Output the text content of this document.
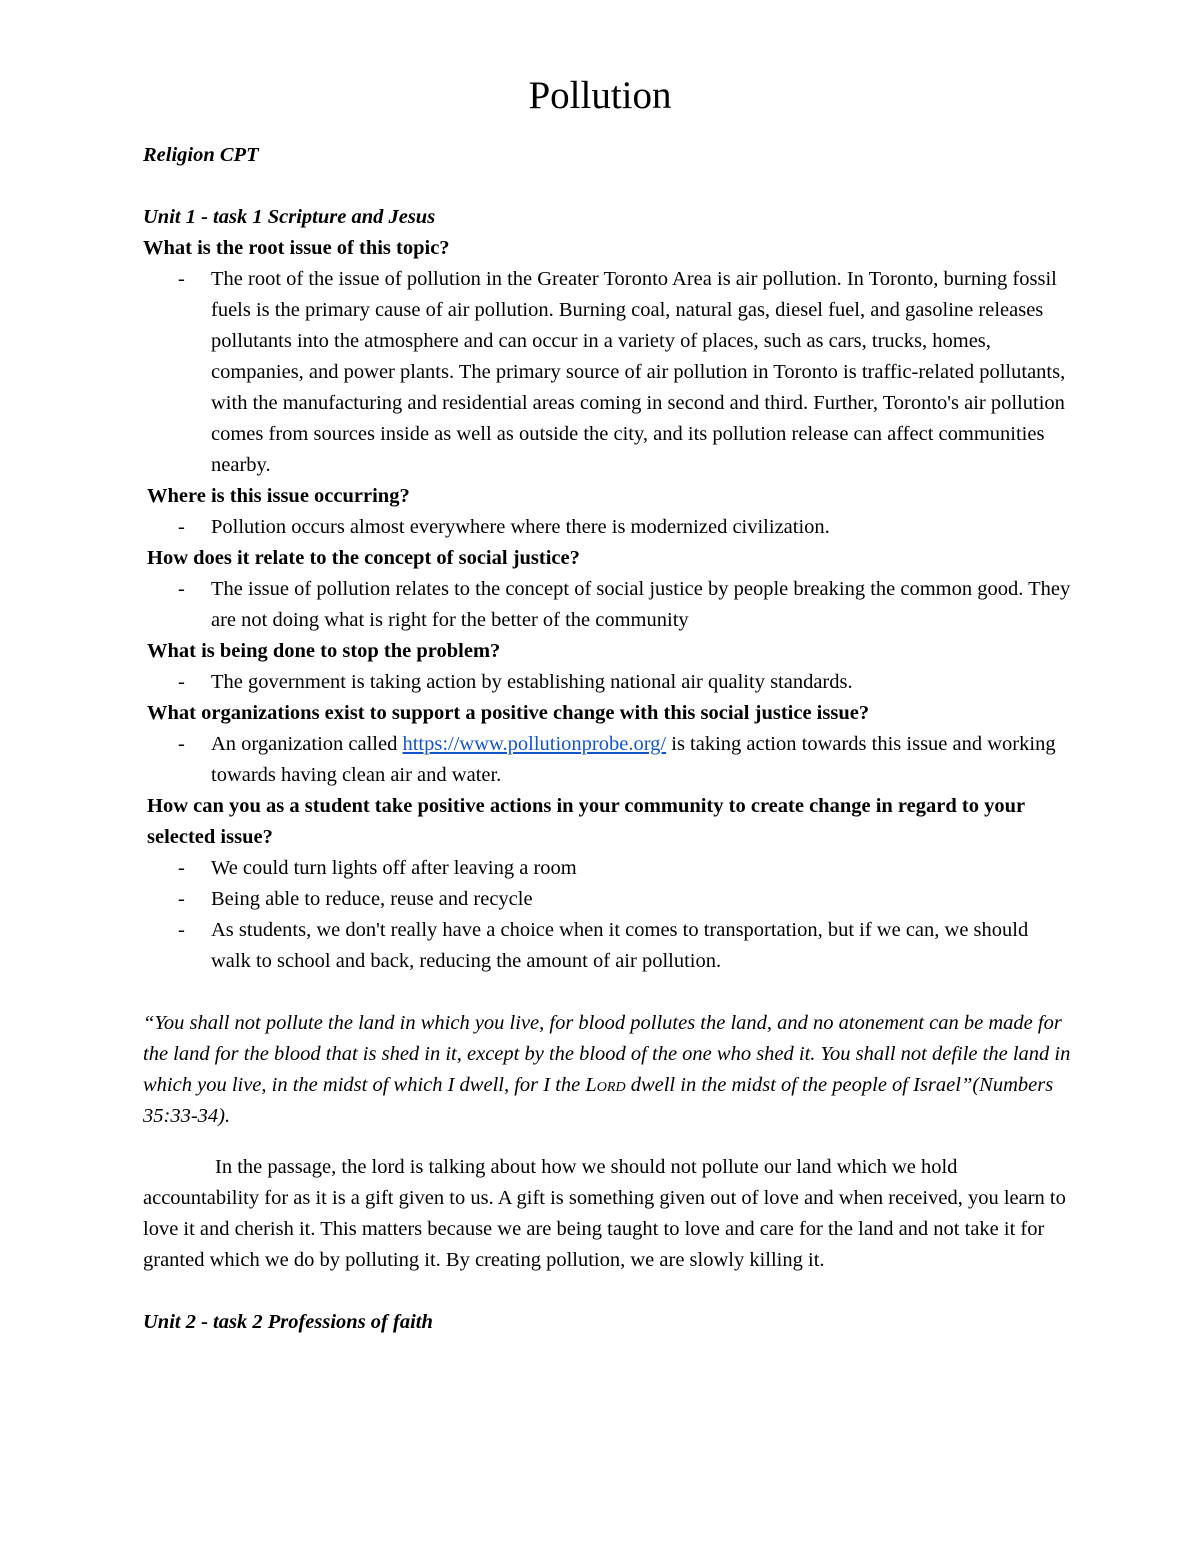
Pollution

Religion CPT

Unit 1 - task 1 Scripture and Jesus

What is the root issue of this topic?

- The root of the issue of pollution in the Greater Toronto Area is air pollution. In Toronto, burning fossil fuels is the primary cause of air pollution. Burning coal, natural gas, diesel fuel, and gasoline releases pollutants into the atmosphere and can occur in a variety of places, such as cars, trucks, homes, companies, and power plants. The primary source of air pollution in Toronto is traffic-related pollutants, with the manufacturing and residential areas coming in second and third. Further, Toronto's air pollution comes from sources inside as well as outside the city, and its pollution release can affect communities nearby.

Where is this issue occurring?

- Pollution occurs almost everywhere where there is modernized civilization.

How does it relate to the concept of social justice?

- The issue of pollution relates to the concept of social justice by people breaking the common good. They are not doing what is right for the better of the community

What is being done to stop the problem?

- The government is taking action by establishing national air quality standards.

What organizations exist to support a positive change with this social justice issue?

- An organization called https://www.pollutionprobe.org/ is taking action towards this issue and working towards having clean air and water.

How can you as a student take positive actions in your community to create change in regard to your selected issue?

- We could turn lights off after leaving a room
- Being able to reduce, reuse and recycle
- As students, we don't really have a choice when it comes to transportation, but if we can, we should walk to school and back, reducing the amount of air pollution.

“You shall not pollute the land in which you live, for blood pollutes the land, and no atonement can be made for the land for the blood that is shed in it, except by the blood of the one who shed it. You shall not defile the land in which you live, in the midst of which I dwell, for I the Lord dwell in the midst of the people of Israel”(Numbers 35:33-34).

In the passage, the lord is talking about how we should not pollute our land which we hold accountability for as it is a gift given to us. A gift is something given out of love and when received, you learn to love it and cherish it. This matters because we are being taught to love and care for the land and not take it for granted which we do by polluting it. By creating pollution, we are slowly killing it.

Unit 2 - task 2 Professions of faith
